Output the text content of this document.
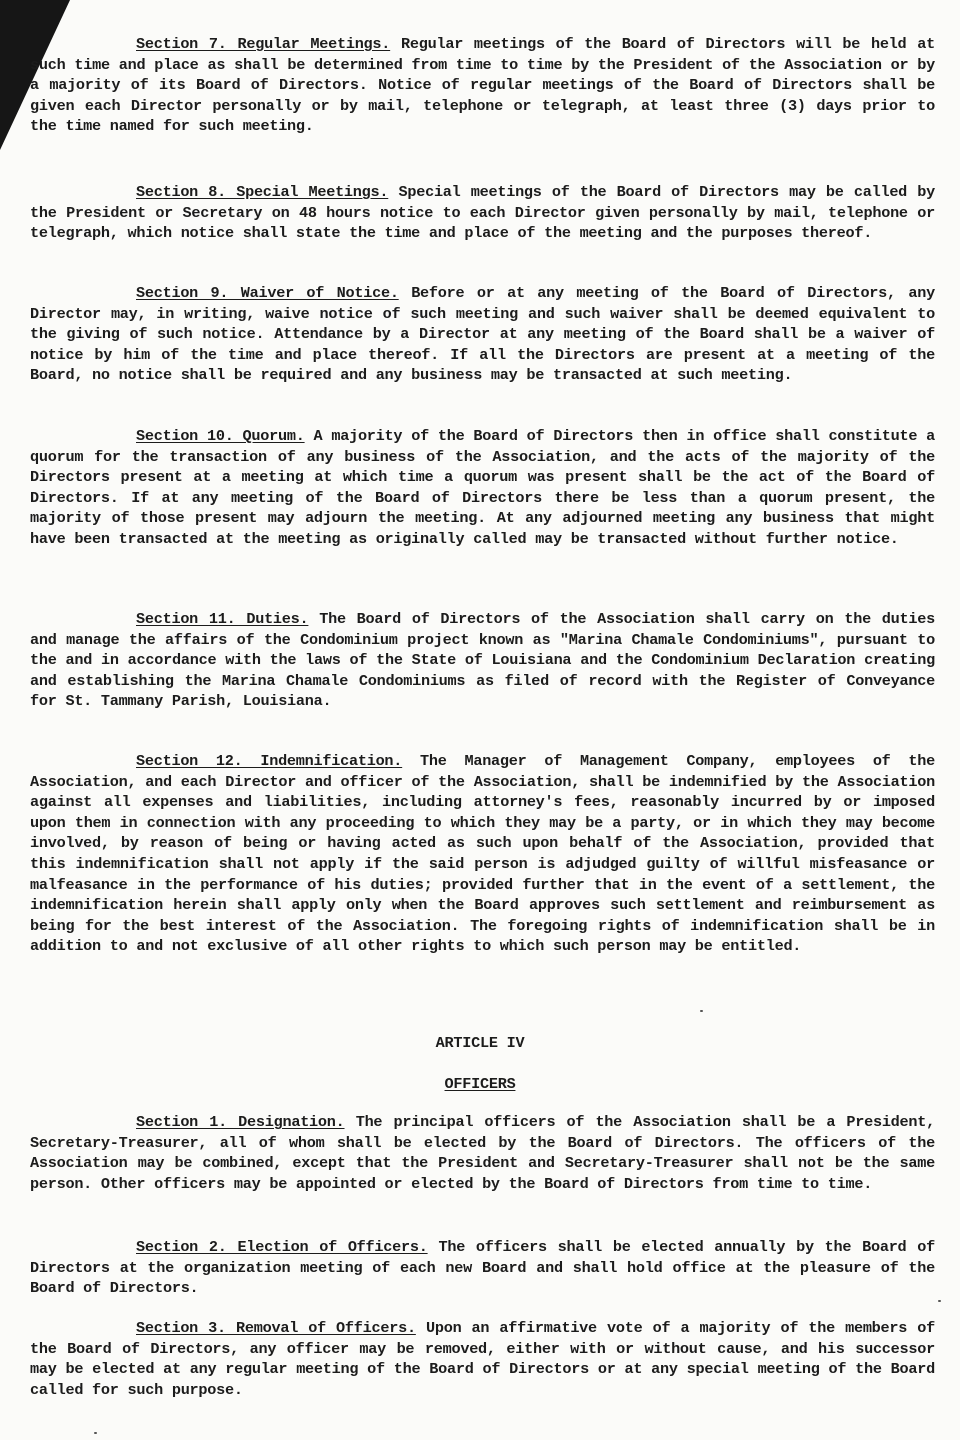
Section 7. Regular Meetings. Regular meetings of the Board of Directors will be held at such time and place as shall be determined from time to time by the President of the Association or by a majority of its Board of Directors. Notice of regular meetings of the Board of Directors shall be given each Director personally or by mail, telephone or telegraph, at least three (3) days prior to the time named for such meeting.

Section 8. Special Meetings. Special meetings of the Board of Directors may be called by the President or Secretary on 48 hours notice to each Director given personally by mail, telephone or telegraph, which notice shall state the time and place of the meeting and the purposes thereof.

Section 9. Waiver of Notice. Before or at any meeting of the Board of Directors, any Director may, in writing, waive notice of such meeting and such waiver shall be deemed equivalent to the giving of such notice. Attendance by a Director at any meeting of the Board shall be a waiver of notice by him of the time and place thereof. If all the Directors are present at a meeting of the Board, no notice shall be required and any business may be transacted at such meeting.

Section 10. Quorum. A majority of the Board of Directors then in office shall constitute a quorum for the transaction of any business of the Association, and the acts of the majority of the Directors present at a meeting at which time a quorum was present shall be the act of the Board of Directors. If at any meeting of the Board of Directors there be less than a quorum present, the majority of those present may adjourn the meeting. At any adjourned meeting any business that might have been transacted at the meeting as originally called may be transacted without further notice.

Section 11. Duties. The Board of Directors of the Association shall carry on the duties and manage the affairs of the Condominium project known as "Marina Chamale Condominiums", pursuant to the and in accordance with the laws of the State of Louisiana and the Condominium Declaration creating and establishing the Marina Chamale Condominiums as filed of record with the Register of Conveyance for St. Tammany Parish, Louisiana.

Section 12. Indemnification. The Manager of Management Company, employees of the Association, and each Director and officer of the Association, shall be indemnified by the Association against all expenses and liabilities, including attorney's fees, reasonably incurred by or imposed upon them in connection with any proceeding to which they may be a party, or in which they may become involved, by reason of being or having acted as such upon behalf of the Association, provided that this indemnification shall not apply if the said person is adjudged guilty of willful misfeasance or malfeasance in the performance of his duties; provided further that in the event of a settlement, the indemnification herein shall apply only when the Board approves such settlement and reimbursement as being for the best interest of the Association. The foregoing rights of indemnification shall be in addition to and not exclusive of all other rights to which such person may be entitled.

ARTICLE IV

OFFICERS

Section 1. Designation. The principal officers of the Association shall be a President, Secretary-Treasurer, all of whom shall be elected by the Board of Directors. The officers of the Association may be combined, except that the President and Secretary-Treasurer shall not be the same person. Other officers may be appointed or elected by the Board of Directors from time to time.

Section 2. Election of Officers. The officers shall be elected annually by the Board of Directors at the organization meeting of each new Board and shall hold office at the pleasure of the Board of Directors.

Section 3. Removal of Officers. Upon an affirmative vote of a majority of the members of the Board of Directors, any officer may be removed, either with or without cause, and his successor may be elected at any regular meeting of the Board of Directors or at any special meeting of the Board called for such purpose.
